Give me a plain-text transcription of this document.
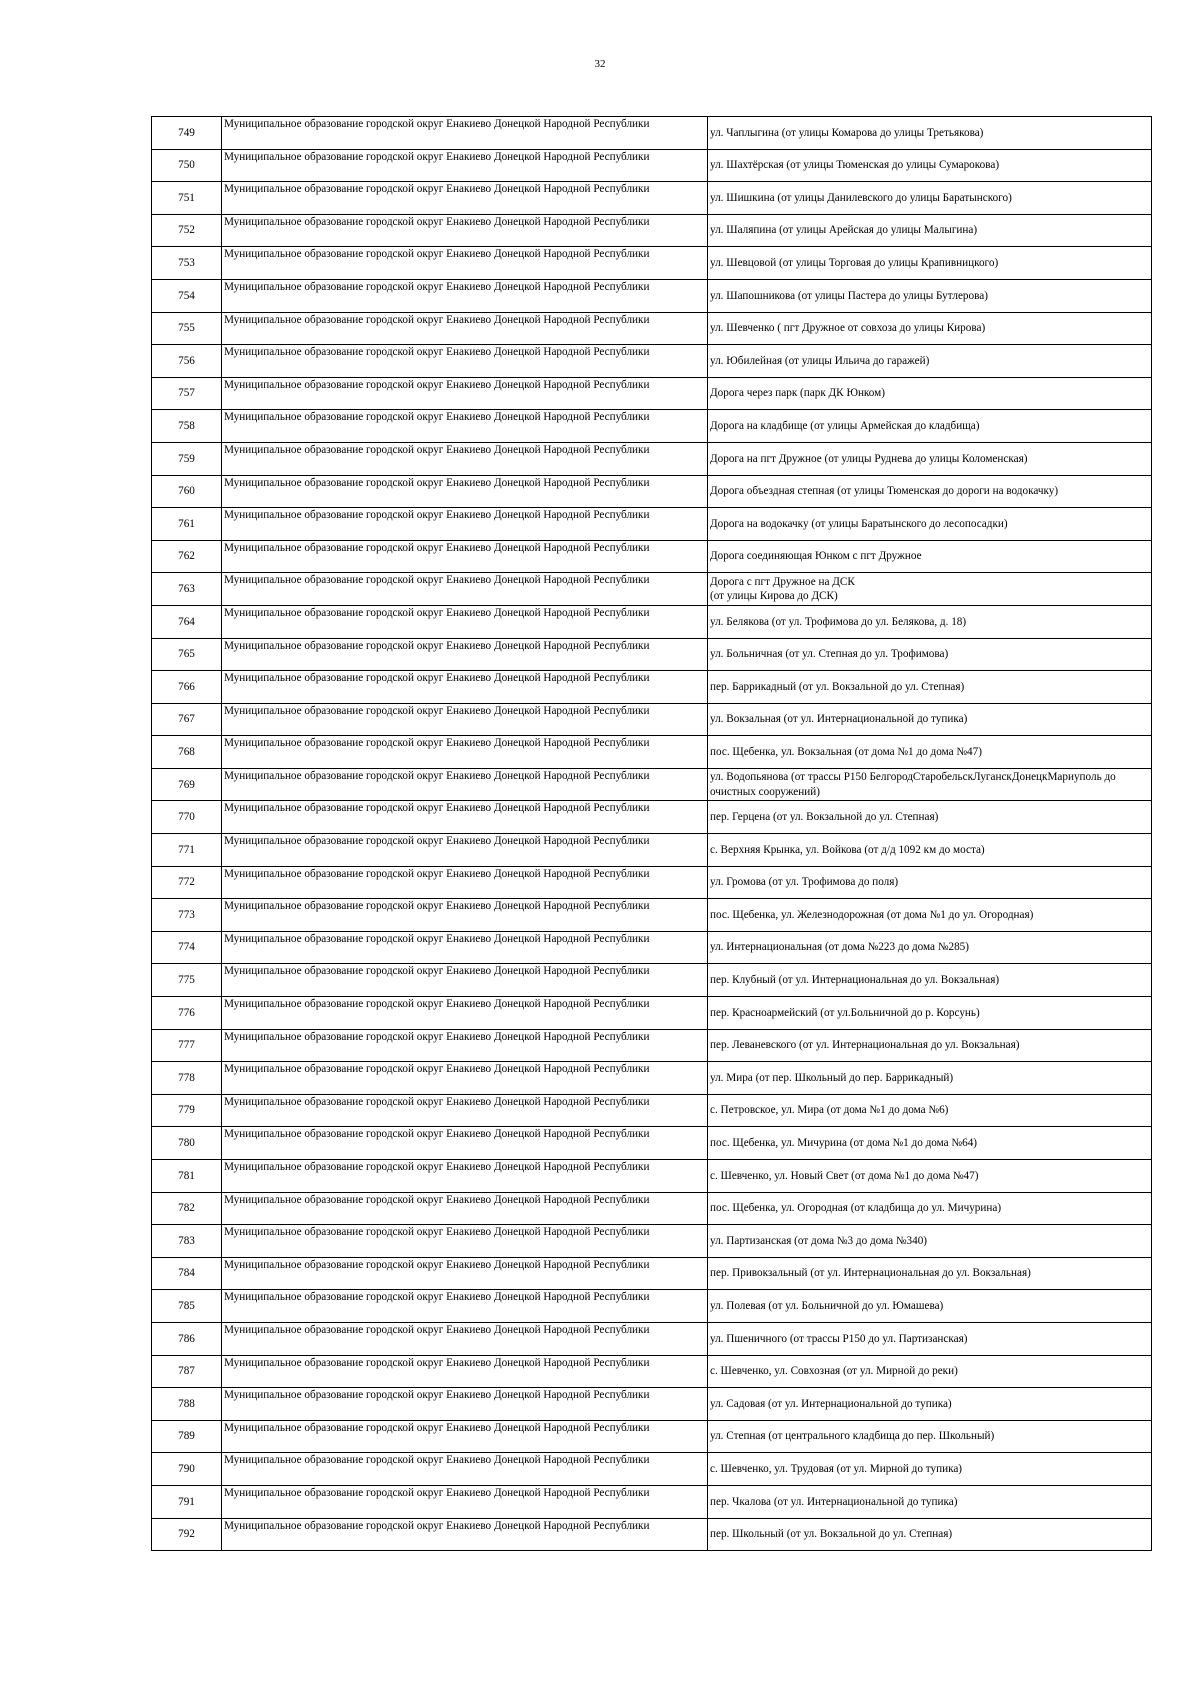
32
749	Муниципальное образование городской округ Енакиево Донецкой Народной Республики	ул. Чаплыгина (от улицы Комарова до улицы Третьякова)
750	Муниципальное образование городской округ Енакиево Донецкой Народной Республики	ул. Шахтёрская (от улицы Тюменская до улицы Сумарокова)
751	Муниципальное образование городской округ Енакиево Донецкой Народной Республики	ул. Шишкина (от улицы Данилевского до улицы Баратынского)
752	Муниципальное образование городской округ Енакиево Донецкой Народной Республики	ул. Шаляпина (от улицы Арейская до улицы Малыгина)
753	Муниципальное образование городской округ Енакиево Донецкой Народной Республики	ул. Шевцовой (от улицы Торговая до улицы Крапивницкого)
754	Муниципальное образование городской округ Енакиево Донецкой Народной Республики	ул. Шапошникова (от улицы Пастера до улицы Бутлерова)
755	Муниципальное образование городской округ Енакиево Донецкой Народной Республики	ул. Шевченко ( пгт Дружное от совхоза до улицы Кирова)
756	Муниципальное образование городской округ Енакиево Донецкой Народной Республики	ул. Юбилейная (от улицы Ильича до гаражей)
757	Муниципальное образование городской округ Енакиево Донецкой Народной Республики	Дорога через парк (парк ДК Юнком)
758	Муниципальное образование городской округ Енакиево Донецкой Народной Республики	Дорога на кладбище (от улицы Армейская до кладбища)
759	Муниципальное образование городской округ Енакиево Донецкой Народной Республики	Дорога на пгт Дружное (от улицы Руднева до улицы Коломенская)
760	Муниципальное образование городской округ Енакиево Донецкой Народной Республики	Дорога объездная степная (от улицы Тюменская до дороги на водокачку)
761	Муниципальное образование городской округ Енакиево Донецкой Народной Республики	Дорога на водокачку (от улицы Баратынского до лесопосадки)
762	Муниципальное образование городской округ Енакиево Донецкой Народной Республики	Дорога соединяющая Юнком с пгт Дружное
763	Муниципальное образование городской округ Енакиево Донецкой Народной Республики	Дорога с пгт Дружное на ДСК
(от улицы Кирова до ДСК)
764	Муниципальное образование городской округ Енакиево Донецкой Народной Республики	ул. Белякова (от ул. Трофимова до ул. Белякова, д. 18)
765	Муниципальное образование городской округ Енакиево Донецкой Народной Республики	ул. Больничная (от ул. Степная до ул. Трофимова)
766	Муниципальное образование городской округ Енакиево Донецкой Народной Республики	пер. Баррикадный (от ул. Вокзальной до ул. Степная)
767	Муниципальное образование городской округ Енакиево Донецкой Народной Республики	ул. Вокзальная (от ул. Интернациональной до тупика)
768	Муниципальное образование городской округ Енакиево Донецкой Народной Республики	пос. Щебенка, ул. Вокзальная (от дома №1 до дома №47)
769	Муниципальное образование городской округ Енакиево Донецкой Народной Республики	ул. Водопьянова (от трассы Р150 БелгородСтаробельскЛуганскДонецкМариуполь до очистных сооружений)
770	Муниципальное образование городской округ Енакиево Донецкой Народной Республики	пер. Герцена (от ул. Вокзальной до ул. Степная)
771	Муниципальное образование городской округ Енакиево Донецкой Народной Республики	с. Верхняя Крынка, ул. Войкова (от д/д 1092 км до моста)
772	Муниципальное образование городской округ Енакиево Донецкой Народной Республики	ул. Громова (от ул. Трофимова до поля)
773	Муниципальное образование городской округ Енакиево Донецкой Народной Республики	пос. Щебенка, ул. Железнодорожная (от дома №1 до ул. Огородная)
774	Муниципальное образование городской округ Енакиево Донецкой Народной Республики	ул. Интернациональная (от дома №223 до дома №285)
775	Муниципальное образование городской округ Енакиево Донецкой Народной Республики	пер. Клубный (от ул. Интернациональная до ул. Вокзальная)
776	Муниципальное образование городской округ Енакиево Донецкой Народной Республики	пер. Красноармейский (от ул.Больничной до р. Корсунь)
777	Муниципальное образование городской округ Енакиево Донецкой Народной Республики	пер. Леваневского (от ул. Интернациональная до ул. Вокзальная)
778	Муниципальное образование городской округ Енакиево Донецкой Народной Республики	ул. Мира (от пер. Школьный до пер. Баррикадный)
779	Муниципальное образование городской округ Енакиево Донецкой Народной Республики	с. Петровское, ул. Мира (от дома №1 до дома №6)
780	Муниципальное образование городской округ Енакиево Донецкой Народной Республики	пос. Щебенка, ул. Мичурина (от дома №1 до дома №64)
781	Муниципальное образование городской округ Енакиево Донецкой Народной Республики	с. Шевченко, ул. Новый Свет (от дома №1 до дома №47)
782	Муниципальное образование городской округ Енакиево Донецкой Народной Республики	пос. Щебенка, ул. Огородная (от кладбища до ул. Мичурина)
783	Муниципальное образование городской округ Енакиево Донецкой Народной Республики	ул. Партизанская (от дома №3 до дома №340)
784	Муниципальное образование городской округ Енакиево Донецкой Народной Республики	пер. Привокзальный (от ул. Интернациональная до ул. Вокзальная)
785	Муниципальное образование городской округ Енакиево Донецкой Народной Республики	ул. Полевая (от ул. Больничной до ул. Юмашева)
786	Муниципальное образование городской округ Енакиево Донецкой Народной Республики	ул. Пшеничного (от трассы Р150 до ул. Партизанская)
787	Муниципальное образование городской округ Енакиево Донецкой Народной Республики	с. Шевченко, ул. Совхозная (от ул. Мирной до реки)
788	Муниципальное образование городской округ Енакиево Донецкой Народной Республики	ул. Садовая (от ул. Интернациональной до тупика)
789	Муниципальное образование городской округ Енакиево Донецкой Народной Республики	ул. Степная (от центрального кладбища до пер. Школьный)
790	Муниципальное образование городской округ Енакиево Донецкой Народной Республики	с. Шевченко, ул. Трудовая (от ул. Мирной до тупика)
791	Муниципальное образование городской округ Енакиево Донецкой Народной Республики	пер. Чкалова (от ул. Интернациональной до тупика)
792	Муниципальное образование городской округ Енакиево Донецкой Народной Республики	пер. Школьный (от ул. Вокзальной до ул. Степная)
